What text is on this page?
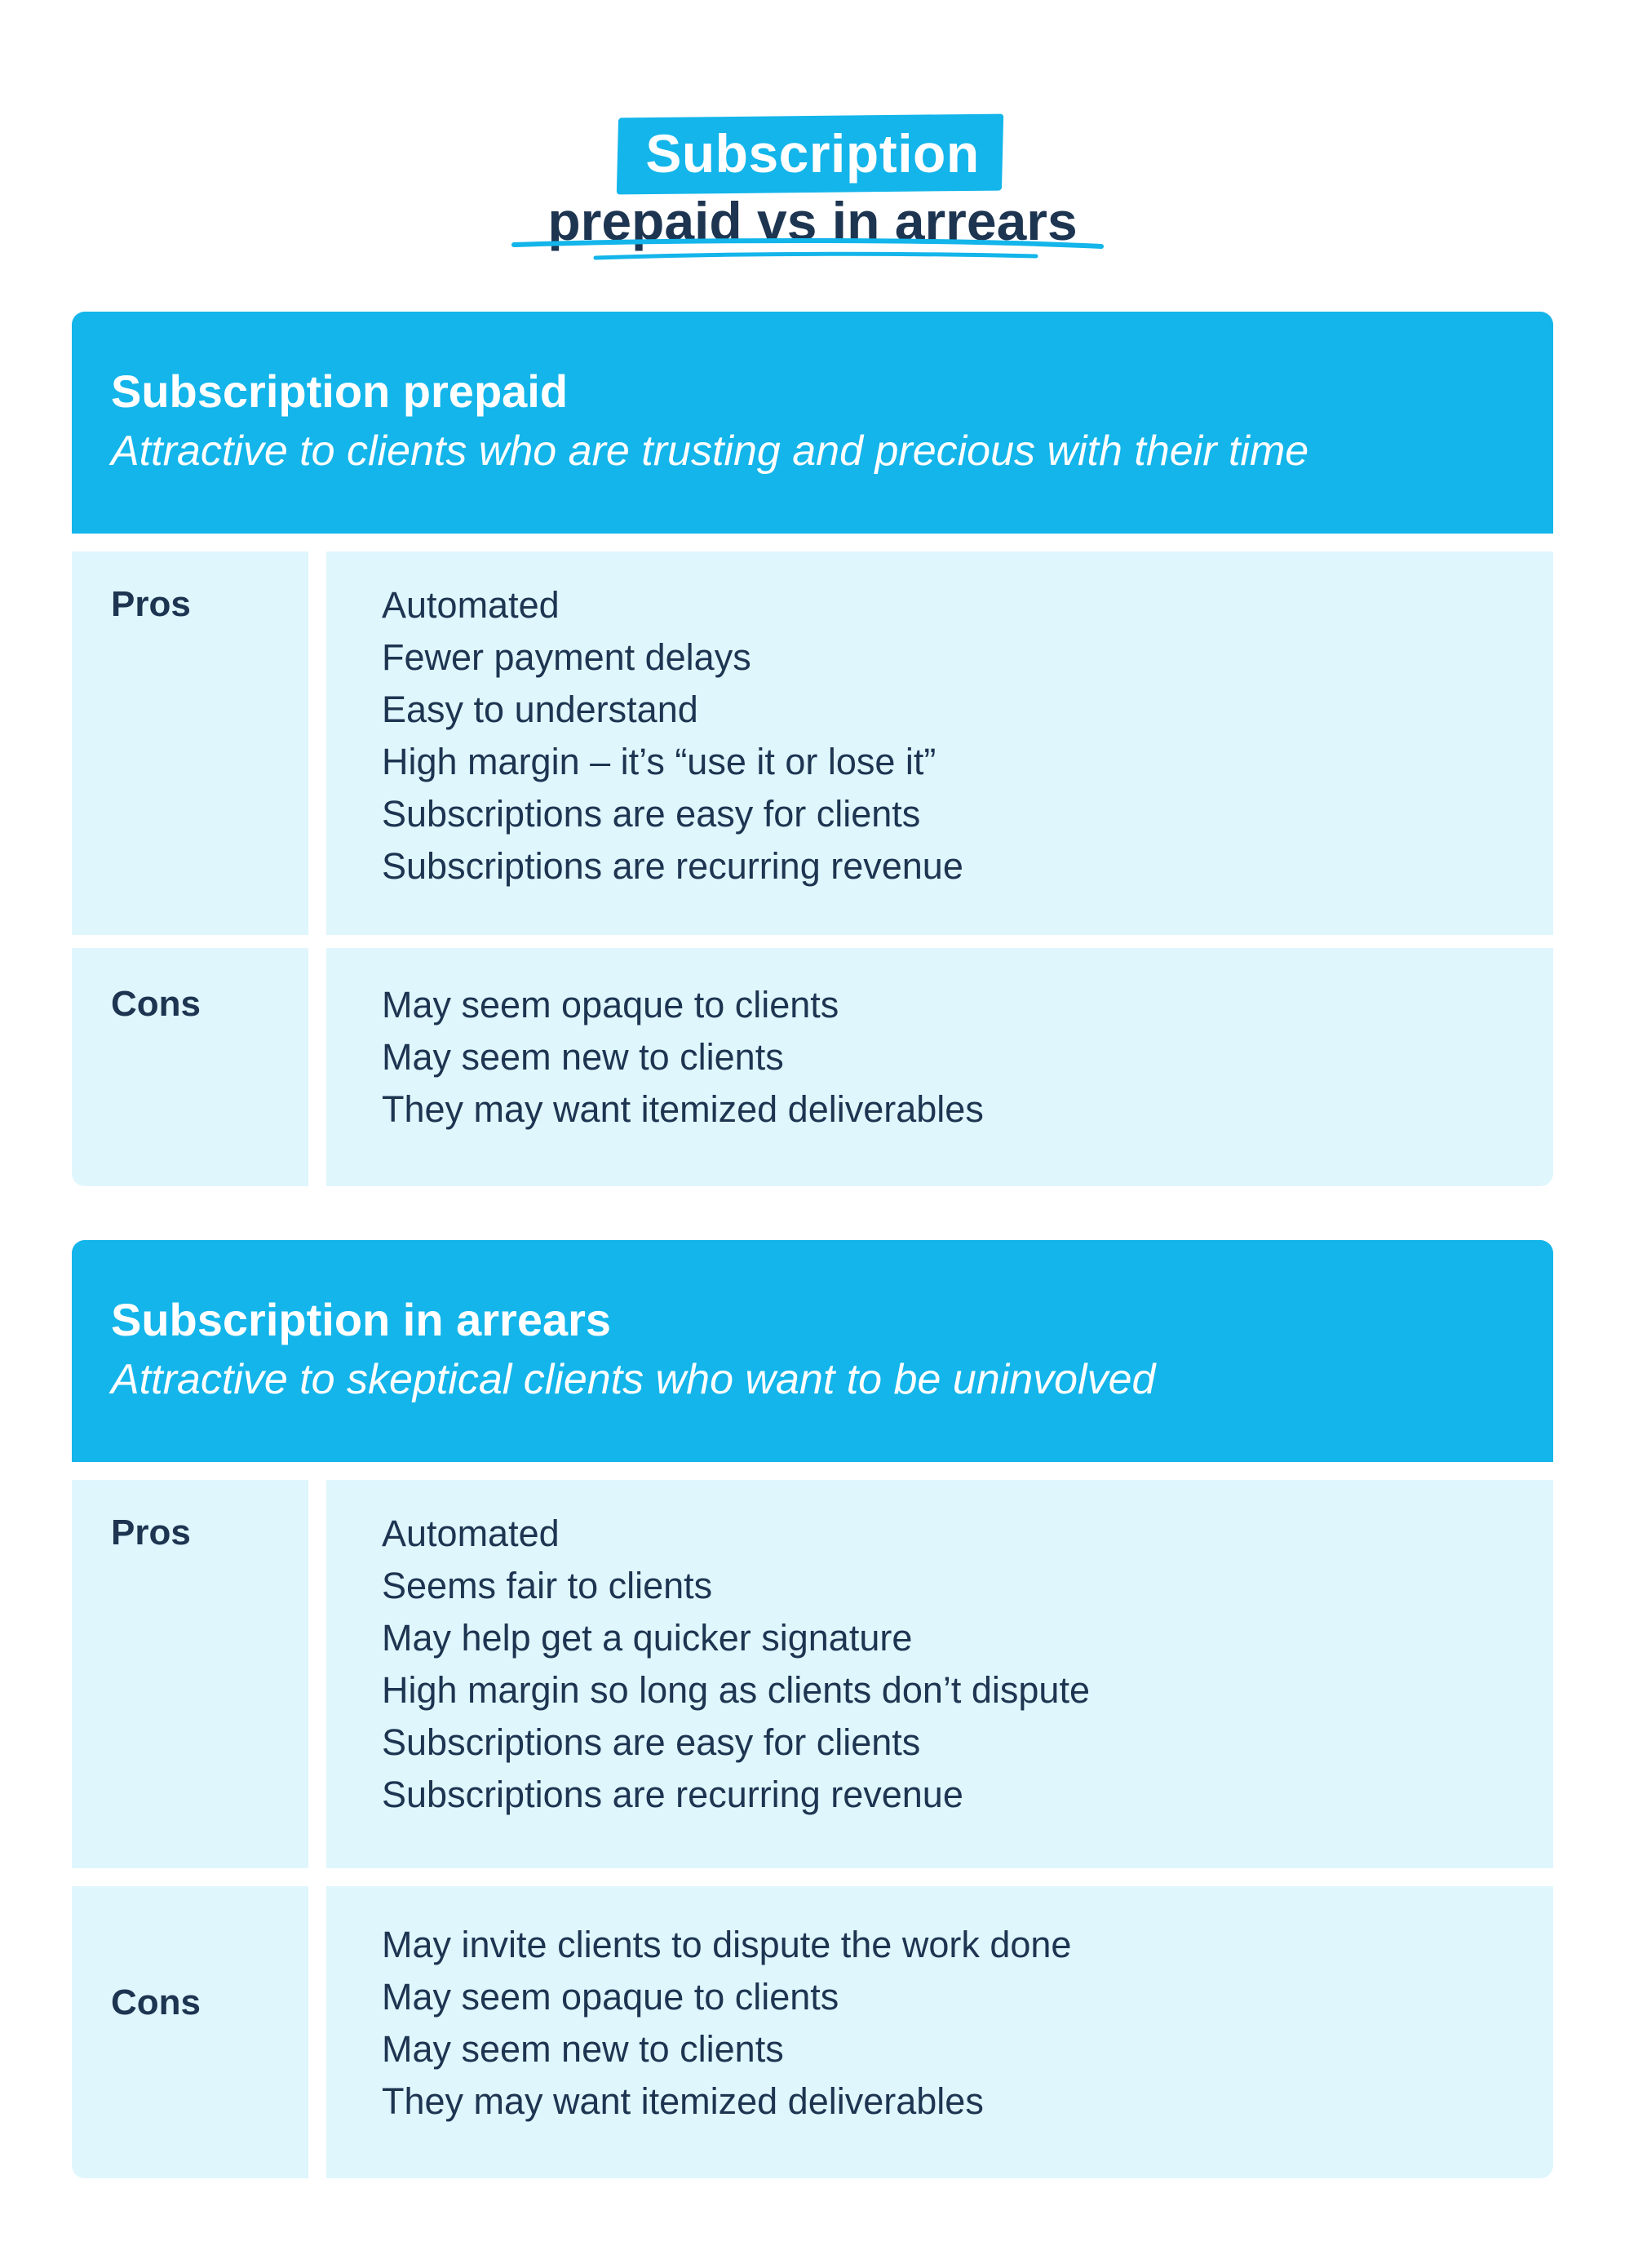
Subscription
prepaid vs in arrears
Subscription prepaid
Attractive to clients who are trusting and precious with their time
Pros	Automated
Fewer payment delays
Easy to understand
High margin – it’s “use it or lose it”
Subscriptions are easy for clients
Subscriptions are recurring revenue
Cons	May seem opaque to clients
May seem new to clients
They may want itemized deliverables
Subscription in arrears
Attractive to skeptical clients who want to be uninvolved
Pros	Automated
Seems fair to clients
May help get a quicker signature
High margin so long as clients don’t dispute
Subscriptions are easy for clients
Subscriptions are recurring revenue
Cons
May invite clients to dispute the work done
May seem opaque to clients
May seem new to clients
They may want itemized deliverables
